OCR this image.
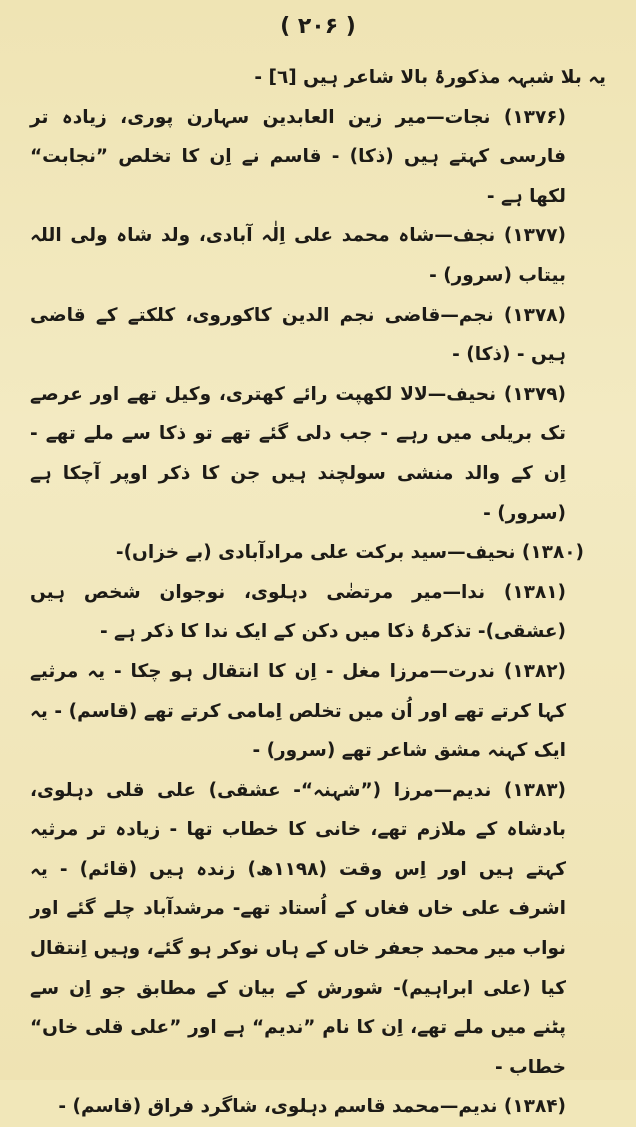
( ۲۰۶ )

یہ بلا شبہہ مذکورۂ بالا شاعر ہیں [٦] -

(۱۳۷۶) نجات—میر زین العابدین سہارن پوری، زیادہ تر فارسی کہتے ہیں (ذکا) - قاسم نے اِن کا تخلص ”نجابت“ لکھا ہے -

(۱۳۷۷) نجف—شاہ محمد علی اِلٰہ آبادی، ولد شاہ ولی اللہ بیتاب (سرور) -

(۱۳۷۸) نجم—قاضی نجم الدین کاکوروی، کلکتے کے قاضی ہیں - (ذکا) -

(۱۳۷۹) نحیف—لالا لکھپت رائے کھتری، وکیل تھے اور عرصے تک بریلی میں رہے - جب دلی گئے تھے تو ذکا سے ملے تھے - اِن کے والد منشی سولچند ہیں جن کا ذکر اوپر آچکا ہے (سرور) -

(۱۳۸۰) نحیف—سید برکت علی مرادآبادی (بے خزاں)-

(۱۳۸۱) ندا—میر مرتضٰی دہلوی، نوجوان شخص ہیں (عشقی)- تذکرۂ ذکا میں دکن کے ایک ندا کا ذکر ہے -

(۱۳۸۲) ندرت—مرزا مغل - اِن کا انتقال ہو چکا - یہ مرثیے کہا کرتے تھے اور اُن میں تخلص اِمامی کرتے تھے (قاسم) - یہ ایک کہنہ مشق شاعر تھے (سرور) -

(۱۳۸۳) ندیم—مرزا (”شہنہ“- عشقی) علی قلی دہلوی، بادشاہ کے ملازم تھے، خانی کا خطاب تھا - زیادہ تر مرثیہ کہتے ہیں اور اِس وقت (۱۱۹۸ھ) زندہ ہیں (قائم) - یہ اشرف علی خاں فغاں کے اُستاد تھے- مرشدآباد چلے گئے اور نواب میر محمد جعفر خاں کے ہاں نوکر ہو گئے، وہیں اِنتقال کیا (علی ابراہیم)- شورش کے بیان کے مطابق جو اِن سے پٹنے میں ملے تھے، اِن کا نام ”ندیم“ ہے اور ”علی قلی خاں“ خطاب -

(۱۳۸۴) ندیم—محمد قاسم دہلوی، شاگرد فراق (قاسم) -
